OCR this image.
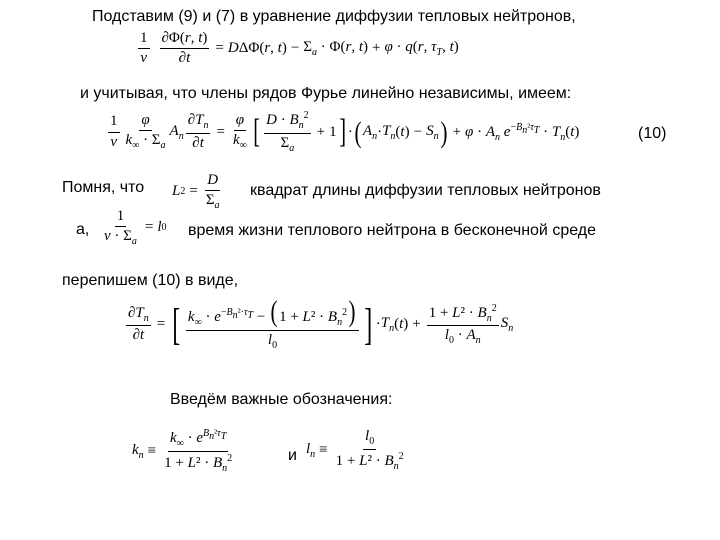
Подставим (9) и (7) в уравнение диффузии тепловых нейтронов,
и учитывая, что члены рядов Фурье линейно независимы, имеем:
(10)
Помня, что	квадрат длины диффузии тепловых нейтронов
а,	время жизни теплового нейтрона в бесконечной среде
перепишем (10) в виде,
Введём важные обозначения:
и
$\frac{1}{v} \frac{\partial\Phi(r, t)}{\partial t} = D\Delta\Phi(r$, $t) - \Sigma_a \cdot \Phi(r$, t) + φ · q(r, $\tau_T$, t)
$\frac{1}{v} \frac{\varphi}{k_\infty \cdot \Sigma_a} A_n \frac{\partial T_n}{\partial t} = \frac{\varphi}{k_\infty}$ [ $\frac{D \cdot B_n^2}{\Sigma_a} + 1$ ] · ( $A_n \cdot T_n$ ( t ) − $S_n$ ) + $\varphi \cdot A_n$ $e^{-B_n^2\tau_T} \cdot T_n(t)$
L $2 = \frac{D}{\Sigma_a}$
$\frac{1}{v \cdot \Sigma_a} = l$ 0
$\frac{\partial T_n}{\partial t}$ = [ $\frac{k_\infty \cdot e^{-B_n^2\cdot\tau_T} - ( 1 + L^2 \cdot B_n^2)}{l_0}$ ] · $T_n$ ( t ) + $\frac{1 + L^2 \cdot B_n^2}{l_0 \cdot A_n} S_n$
$k_n \equiv \frac{k_\infty \cdot e^{B_n^2\tau_T}}{1 + L^2 \cdot B_n^2}$	$l_n \equiv \frac{l_0}{1 + L^2 \cdot B_n^2}$
